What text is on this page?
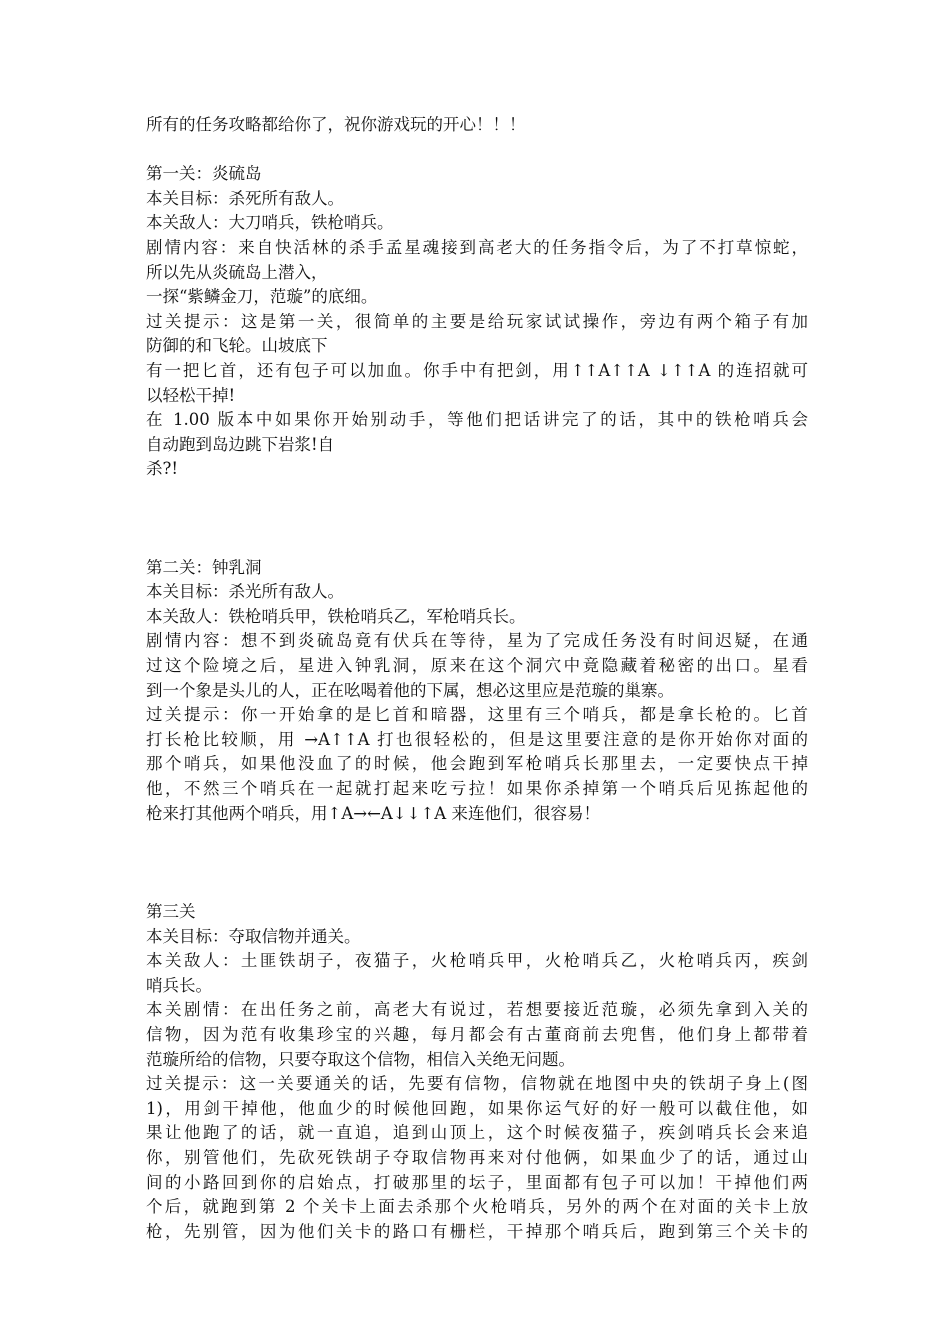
所有的任务攻略都给你了，祝你游戏玩的开心！！！
第一关：炎硫岛
本关目标：杀死所有敌人。
本关敌人：大刀哨兵，铁枪哨兵。
剧情内容：来自快活林的杀手孟星魂接到高老大的任务指令后，为了不打草惊蛇，
所以先从炎硫岛上潜入，
一探“紫鳞金刀，范璇”的底细。
过关提示：这是第一关，很简单的主要是给玩家试试操作，旁边有两个箱子有加
防御的和飞轮。山坡底下
有一把匕首，还有包子可以加血。你手中有把剑，用↑↑A↑↑A ↓↑↑A 的连招就可
以轻松干掉!
在 1.00 版本中如果你开始别动手，等他们把话讲完了的话，其中的铁枪哨兵会
自动跑到岛边跳下岩浆!自
杀?!
第二关：钟乳洞
本关目标：杀光所有敌人。
本关敌人：铁枪哨兵甲，铁枪哨兵乙，军枪哨兵长。
剧情内容：想不到炎硫岛竟有伏兵在等待，星为了完成任务没有时间迟疑，在通
过这个险境之后，星进入钟乳洞，原来在这个洞穴中竟隐藏着秘密的出口。星看
到一个象是头儿的人，正在吆喝着他的下属，想必这里应是范璇的巢寨。
过关提示：你一开始拿的是匕首和暗器，这里有三个哨兵，都是拿长枪的。匕首
打长枪比较顺，用 →A↑↑A 打也很轻松的，但是这里要注意的是你开始你对面的
那个哨兵，如果他没血了的时候，他会跑到军枪哨兵长那里去，一定要快点干掉
他，不然三个哨兵在一起就打起来吃亏拉！如果你杀掉第一个哨兵后见拣起他的
枪来打其他两个哨兵，用↑A→←A↓↓↑A 来连他们，很容易！
第三关
本关目标：夺取信物并通关。
本关敌人：土匪铁胡子，夜猫子，火枪哨兵甲，火枪哨兵乙，火枪哨兵丙，疾剑
哨兵长。
本关剧情：在出任务之前，高老大有说过，若想要接近范璇，必须先拿到入关的
信物，因为范有收集珍宝的兴趣，每月都会有古董商前去兜售，他们身上都带着
范璇所给的信物，只要夺取这个信物，相信入关绝无问题。
过关提示：这一关要通关的话，先要有信物，信物就在地图中央的铁胡子身上(图
1)，用剑干掉他，他血少的时候他回跑，如果你运气好的好一般可以截住他，如
果让他跑了的话，就一直追，追到山顶上，这个时候夜猫子，疾剑哨兵长会来追
你，别管他们，先砍死铁胡子夺取信物再来对付他俩，如果血少了的话，通过山
间的小路回到你的启始点，打破那里的坛子，里面都有包子可以加！干掉他们两
个后，就跑到第 2 个关卡上面去杀那个火枪哨兵，另外的两个在对面的关卡上放
枪，先别管，因为他们关卡的路口有栅栏，干掉那个哨兵后，跑到第三个关卡的
